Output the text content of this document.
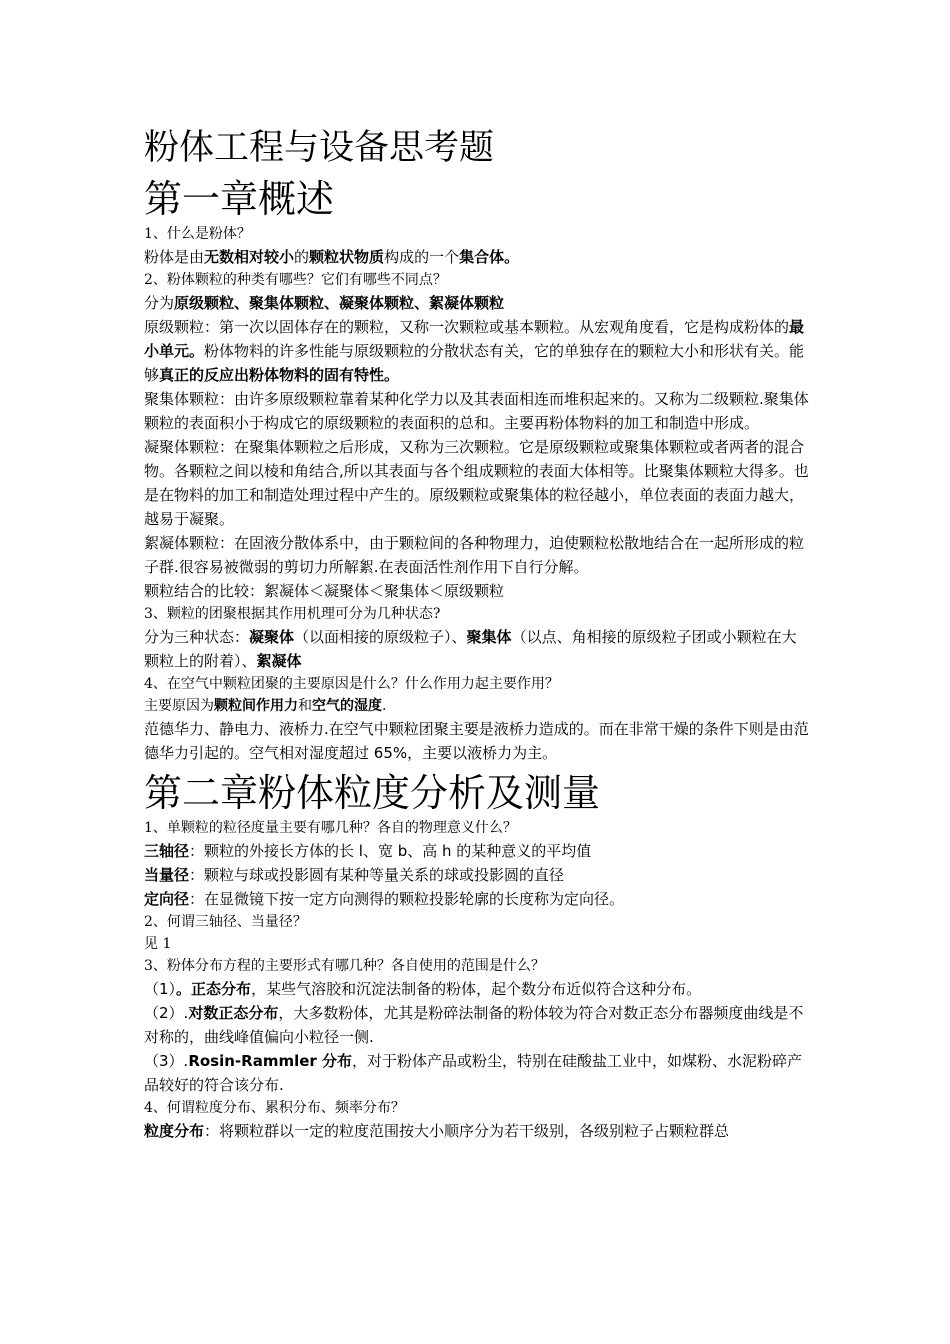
粉体工程与设备思考题
第一章概述

1、什么是粉体？

粉体是由无数相对较小的颗粒状物质构成的一个集合体。

2、粉体颗粒的种类有哪些？它们有哪些不同点？

分为原级颗粒、聚集体颗粒、凝聚体颗粒、絮凝体颗粒

原级颗粒：第一次以固体存在的颗粒，又称一次颗粒或基本颗粒。从宏观角度看，它是构成粉体的最小单元。粉体物料的许多性能与原级颗粒的分散状态有关，它的单独存在的颗粒大小和形状有关。能够真正的反应出粉体物料的固有特性。

聚集体颗粒：由许多原级颗粒靠着某种化学力以及其表面相连而堆积起来的。又称为二级颗粒.聚集体颗粒的表面积小于构成它的原级颗粒的表面积的总和。主要再粉体物料的加工和制造中形成。

凝聚体颗粒：在聚集体颗粒之后形成，又称为三次颗粒。它是原级颗粒或聚集体颗粒或者两者的混合物。各颗粒之间以棱和角结合,所以其表面与各个组成颗粒的表面大体相等。比聚集体颗粒大得多。也是在物料的加工和制造处理过程中产生的。原级颗粒或聚集体的粒径越小，单位表面的表面力越大，越易于凝聚。

絮凝体颗粒：在固液分散体系中，由于颗粒间的各种物理力，迫使颗粒松散地结合在一起所形成的粒子群.很容易被微弱的剪切力所解絮.在表面活性剂作用下自行分解。

颗粒结合的比较：絮凝体＜凝聚体＜聚集体＜原级颗粒

3、颗粒的团聚根据其作用机理可分为几种状态?

分为三种状态：凝聚体（以面相接的原级粒子）、聚集体（以点、角相接的原级粒子团或小颗粒在大颗粒上的附着）、絮凝体

4、在空气中颗粒团聚的主要原因是什么？什么作用力起主要作用？

主要原因为颗粒间作用力和空气的湿度.

范德华力、静电力、液桥力.在空气中颗粒团聚主要是液桥力造成的。而在非常干燥的条件下则是由范德华力引起的。空气相对湿度超过 65%，主要以液桥力为主。

第二章粉体粒度分析及测量

1、单颗粒的粒径度量主要有哪几种？各自的物理意义什么？

三轴径：颗粒的外接长方体的长 l、宽 b、高 h 的某种意义的平均值

当量径：颗粒与球或投影圆有某种等量关系的球或投影圆的直径

定向径：在显微镜下按一定方向测得的颗粒投影轮廓的长度称为定向径。

2、何谓三轴径、当量径？

见 1

3、粉体分布方程的主要形式有哪几种？各自使用的范围是什么？

（1）。正态分布，某些气溶胶和沉淀法制备的粉体，起个数分布近似符合这种分布。

（2）.对数正态分布，大多数粉体，尤其是粉碎法制备的粉体较为符合对数正态分布器频度曲线是不对称的，曲线峰值偏向小粒径一侧.

（3）.Rosin-Rammler 分布，对于粉体产品或粉尘，特别在硅酸盐工业中，如煤粉、水泥粉碎产品较好的符合该分布.

4、何谓粒度分布、累积分布、频率分布？

粒度分布：将颗粒群以一定的粒度范围按大小顺序分为若干级别，各级别粒子占颗粒群总
